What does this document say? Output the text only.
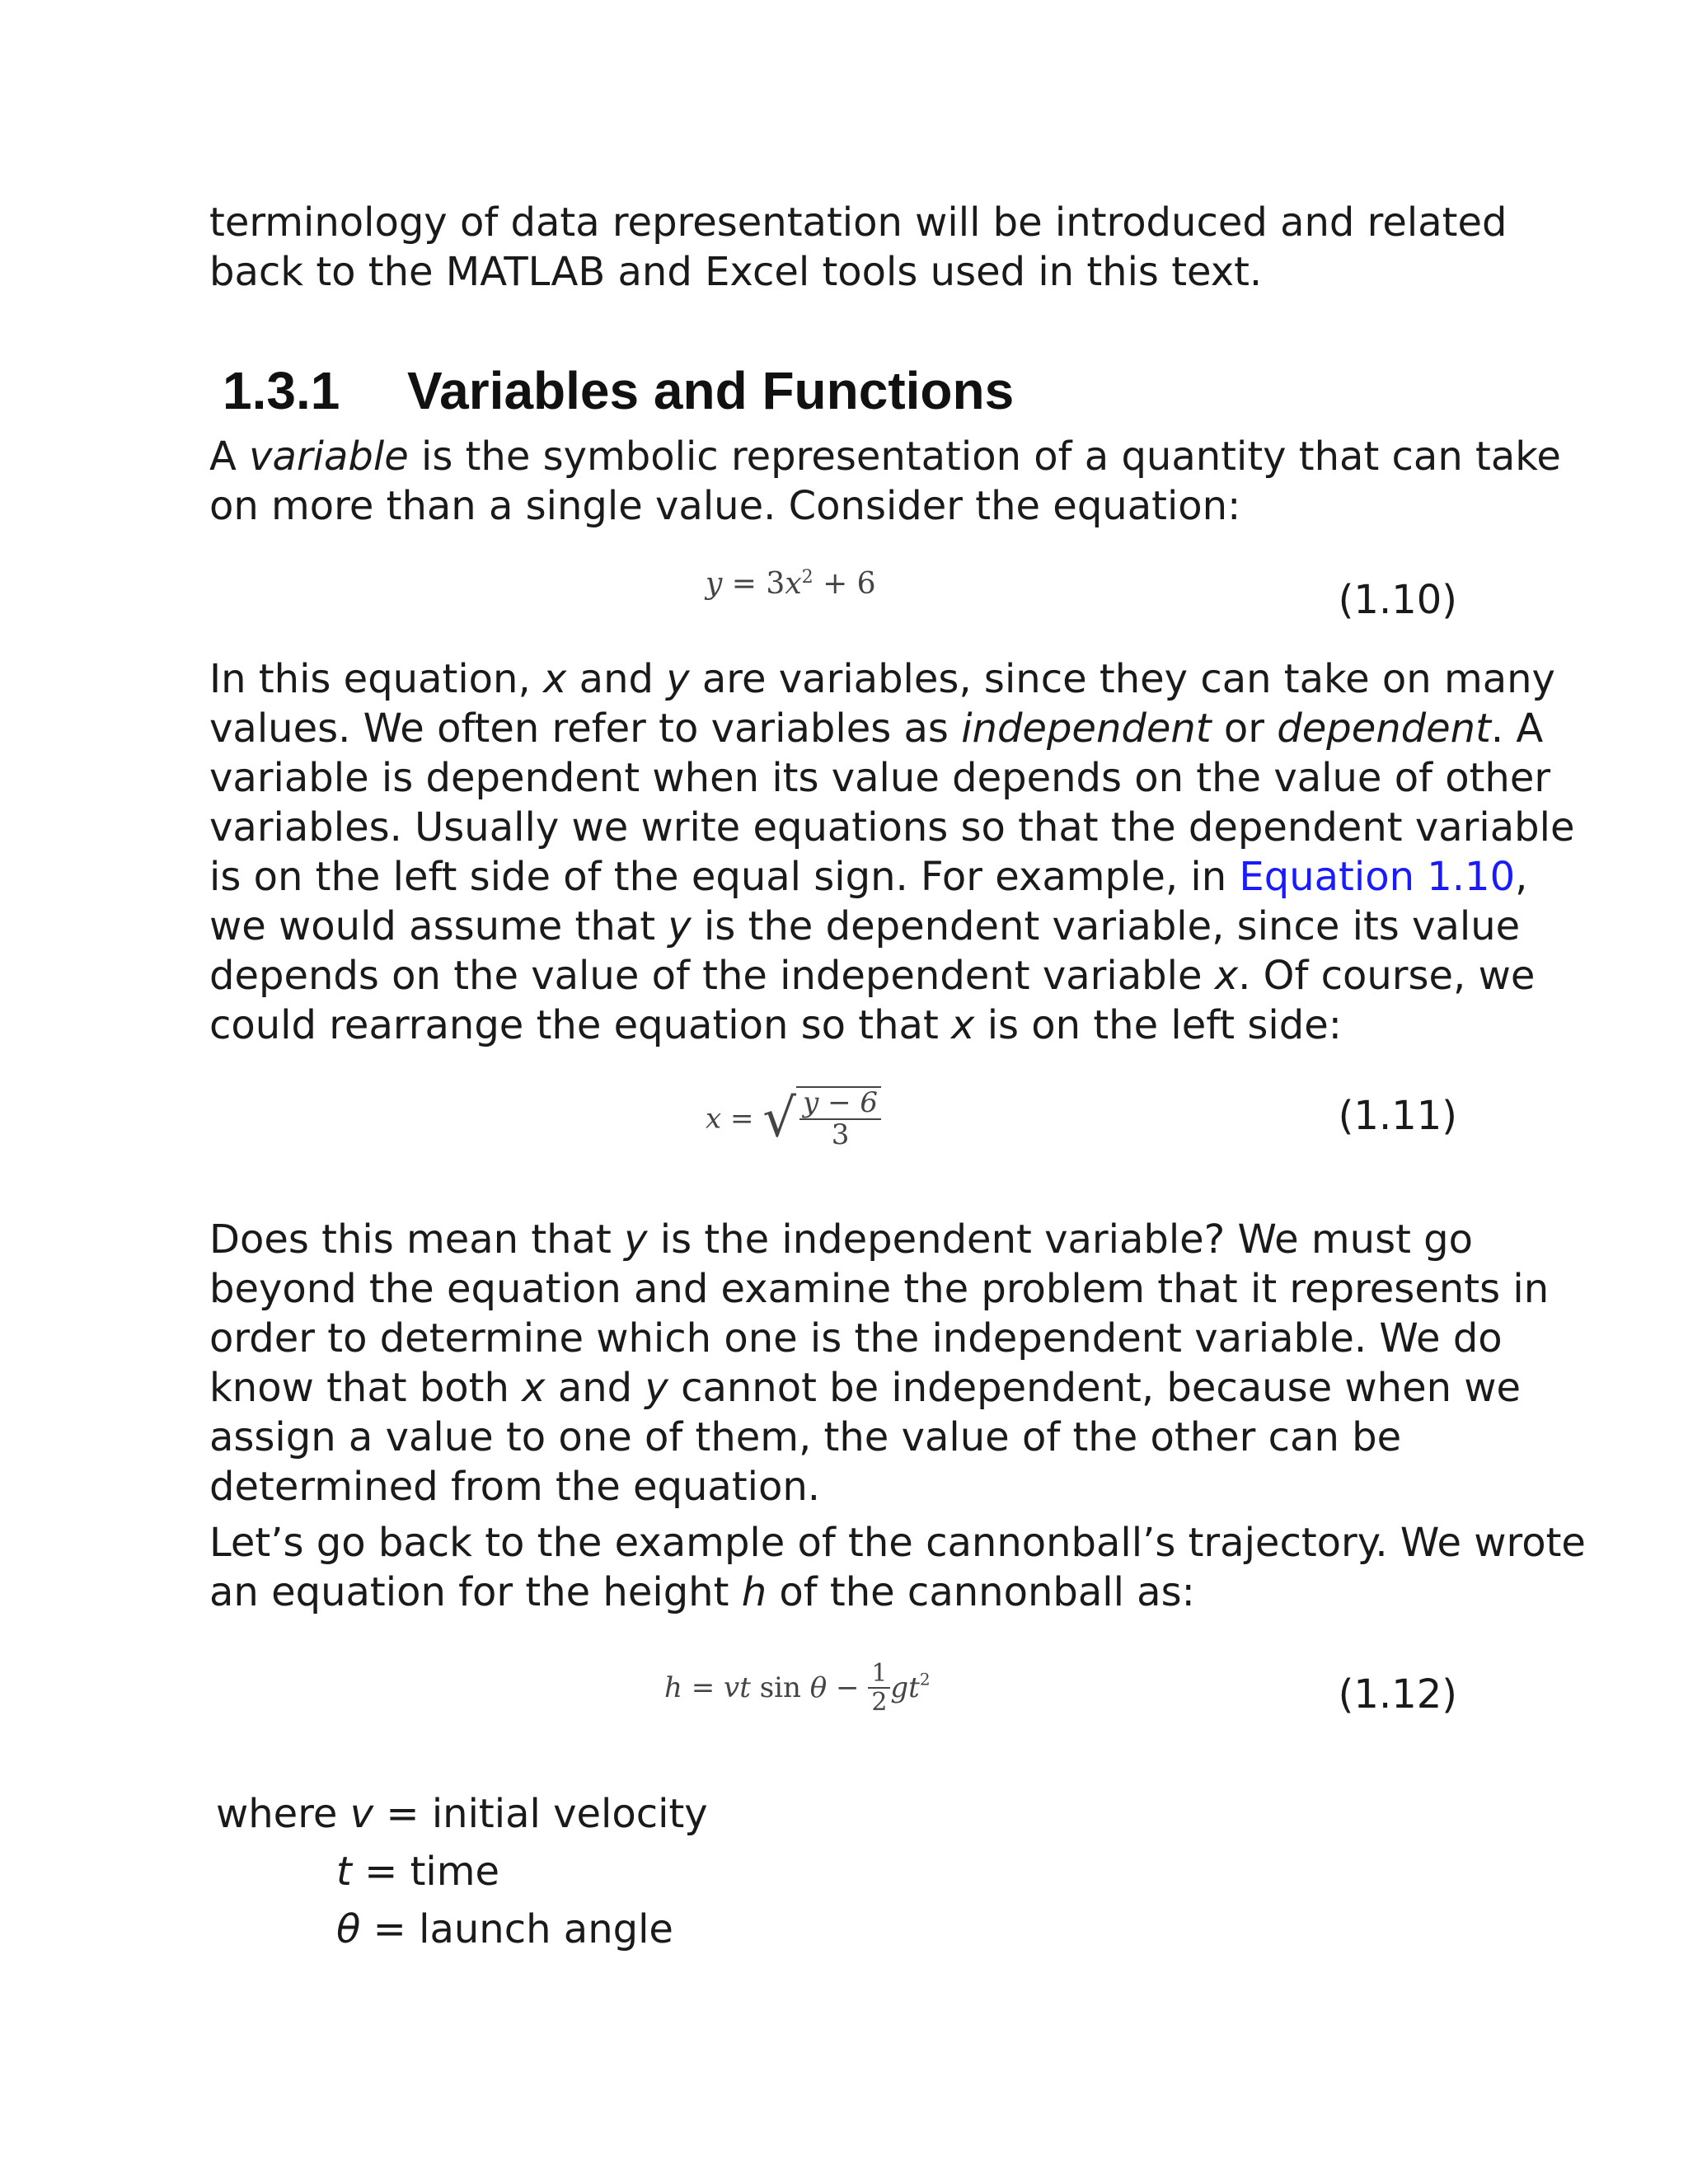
terminology of data representation will be introduced and related

back to the MATLAB and Excel tools used in this text.

1.3.1 Variables and Functions

A variable is the symbolic representation of a quantity that can take

on more than a single value. Consider the equation:

$y = 3x^2 + 6$	(1.10)

In this equation, x and y are variables, since they can take on many

values. We often refer to variables as independent or dependent. A

variable is dependent when its value depends on the value of other

variables. Usually we write equations so that the dependent variable

is on the left side of the equal sign. For example, in Equation 1.10,

we would assume that y is the dependent variable, since its value

depends on the value of the independent variable x. Of course, we

could rearrange the equation so that x is on the left side:

x = √ $\frac{y - 6}{3}$	(1.11)

Does this mean that y is the independent variable? We must go

beyond the equation and examine the problem that it represents in

order to determine which one is the independent variable. We do

know that both x and y cannot be independent, because when we

assign a value to one of them, the value of the other can be

determined from the equation.

Let’s go back to the example of the cannonball’s trajectory. We wrote

an equation for the height h of the cannonball as:

h = vt $\sin \theta - \frac{1}{2} gt^2$	(1.12)
where v = initial velocity
t = time
θ = launch angle
